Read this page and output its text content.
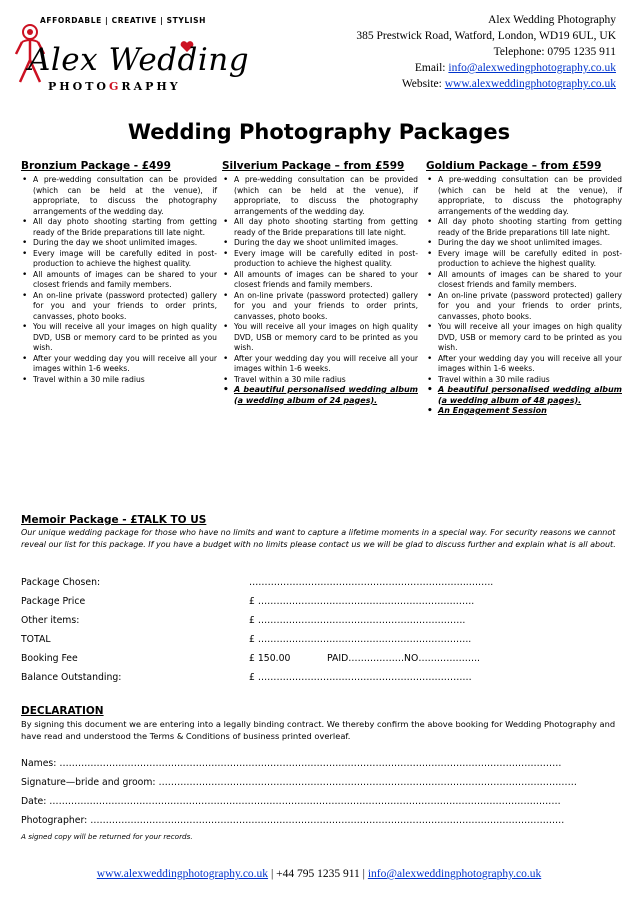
AFFORDABLE | CREATIVE | STYLISH
Alex Wedding
PHOTOGRAPHY
Alex Wedding Photography
385 Prestwick Road, Watford, London, WD19 6UL, UK
Telephone: 0795 1235 911
Email: info@alexwedingphotography.co.uk
Website: www.alexweddingphotography.co.uk
Wedding Photography Packages
Bronzium Package - £499
• A pre-wedding consultation can be provided (which can be held at the venue), if appropriate, to discuss the photography arrangements of the wedding day.
• All day photo shooting starting from getting ready of the Bride preparations till late night.
• During the day we shoot unlimited images.
• Every image will be carefully edited in post-production to achieve the highest quality.
• All amounts of images can be shared to your closest friends and family members.
• An on-line private (password protected) gallery for you and your friends to order prints, canvasses, photo books.
• You will receive all your images on high quality DVD, USB or memory card to be printed as you wish.
• After your wedding day you will receive all your images within 1-6 weeks.
• Travel within a 30 mile radius
Silverium Package – from £599
• A pre-wedding consultation can be provided (which can be held at the venue), if appropriate, to discuss the photography arrangements of the wedding day.
• All day photo shooting starting from getting ready of the Bride preparations till late night.
• During the day we shoot unlimited images.
• Every image will be carefully edited in post-production to achieve the highest quality.
• All amounts of images can be shared to your closest friends and family members.
• An on-line private (password protected) gallery for you and your friends to order prints, canvasses, photo books.
• You will receive all your images on high quality DVD, USB or memory card to be printed as you wish.
• After your wedding day you will receive all your images within 1-6 weeks.
• Travel within a 30 mile radius
• A beautiful personalised wedding album (a wedding album of 24 pages).
Goldium Package – from £599
• A pre-wedding consultation can be provided (which can be held at the venue), if appropriate, to discuss the photography arrangements of the wedding day.
• All day photo shooting starting from getting ready of the Bride preparations till late night.
• During the day we shoot unlimited images.
• Every image will be carefully edited in post-production to achieve the highest quality.
• All amounts of images can be shared to your closest friends and family members.
• An on-line private (password protected) gallery for you and your friends to order prints, canvasses, photo books.
• You will receive all your images on high quality DVD, USB or memory card to be printed as you wish.
• After your wedding day you will receive all your images within 1-6 weeks.
• Travel within a 30 mile radius
• A beautiful personalised wedding album (a wedding album of 48 pages).
• An Engagement Session
Memoir Package - £TALK TO US
Our unique wedding package for those who have no limits and want to capture a lifetime moments in a special way. For security reasons we cannot reveal our list for this package. If you have a budget with no limits please contact us we will be glad to discuss further and explain what is all about.
Package Chosen:	……………………………………………………………..……..
Package Price	£ …………………………………...……………………….
Other items:	£ ………………………………………………………….
TOTAL	£ ………………………………….………………………..
Booking Fee	£ 150.00	PAID………………NO………………..
Balance Outstanding:	£ ……………………………………………………………
DECLARATION
By signing this document we are entering into a legally binding contract. We thereby confirm the above booking for Wedding Photography and have read and understood the Terms & Conditions of business printed overleaf.
Names: ………………………………………………………………………………………………………………………………………………
Signature—bride and groom: ………………………………………………………………………………………………………………………
Date: …………………………………………………………………………………………………………………………………………………
Photographer: ………………………………………………………………………………………………………………………………………
A signed copy will be returned for your records.
www.alexweddingphotography.co.uk | +44 795 1235 911 | info@alexweddingphotography.co.uk
